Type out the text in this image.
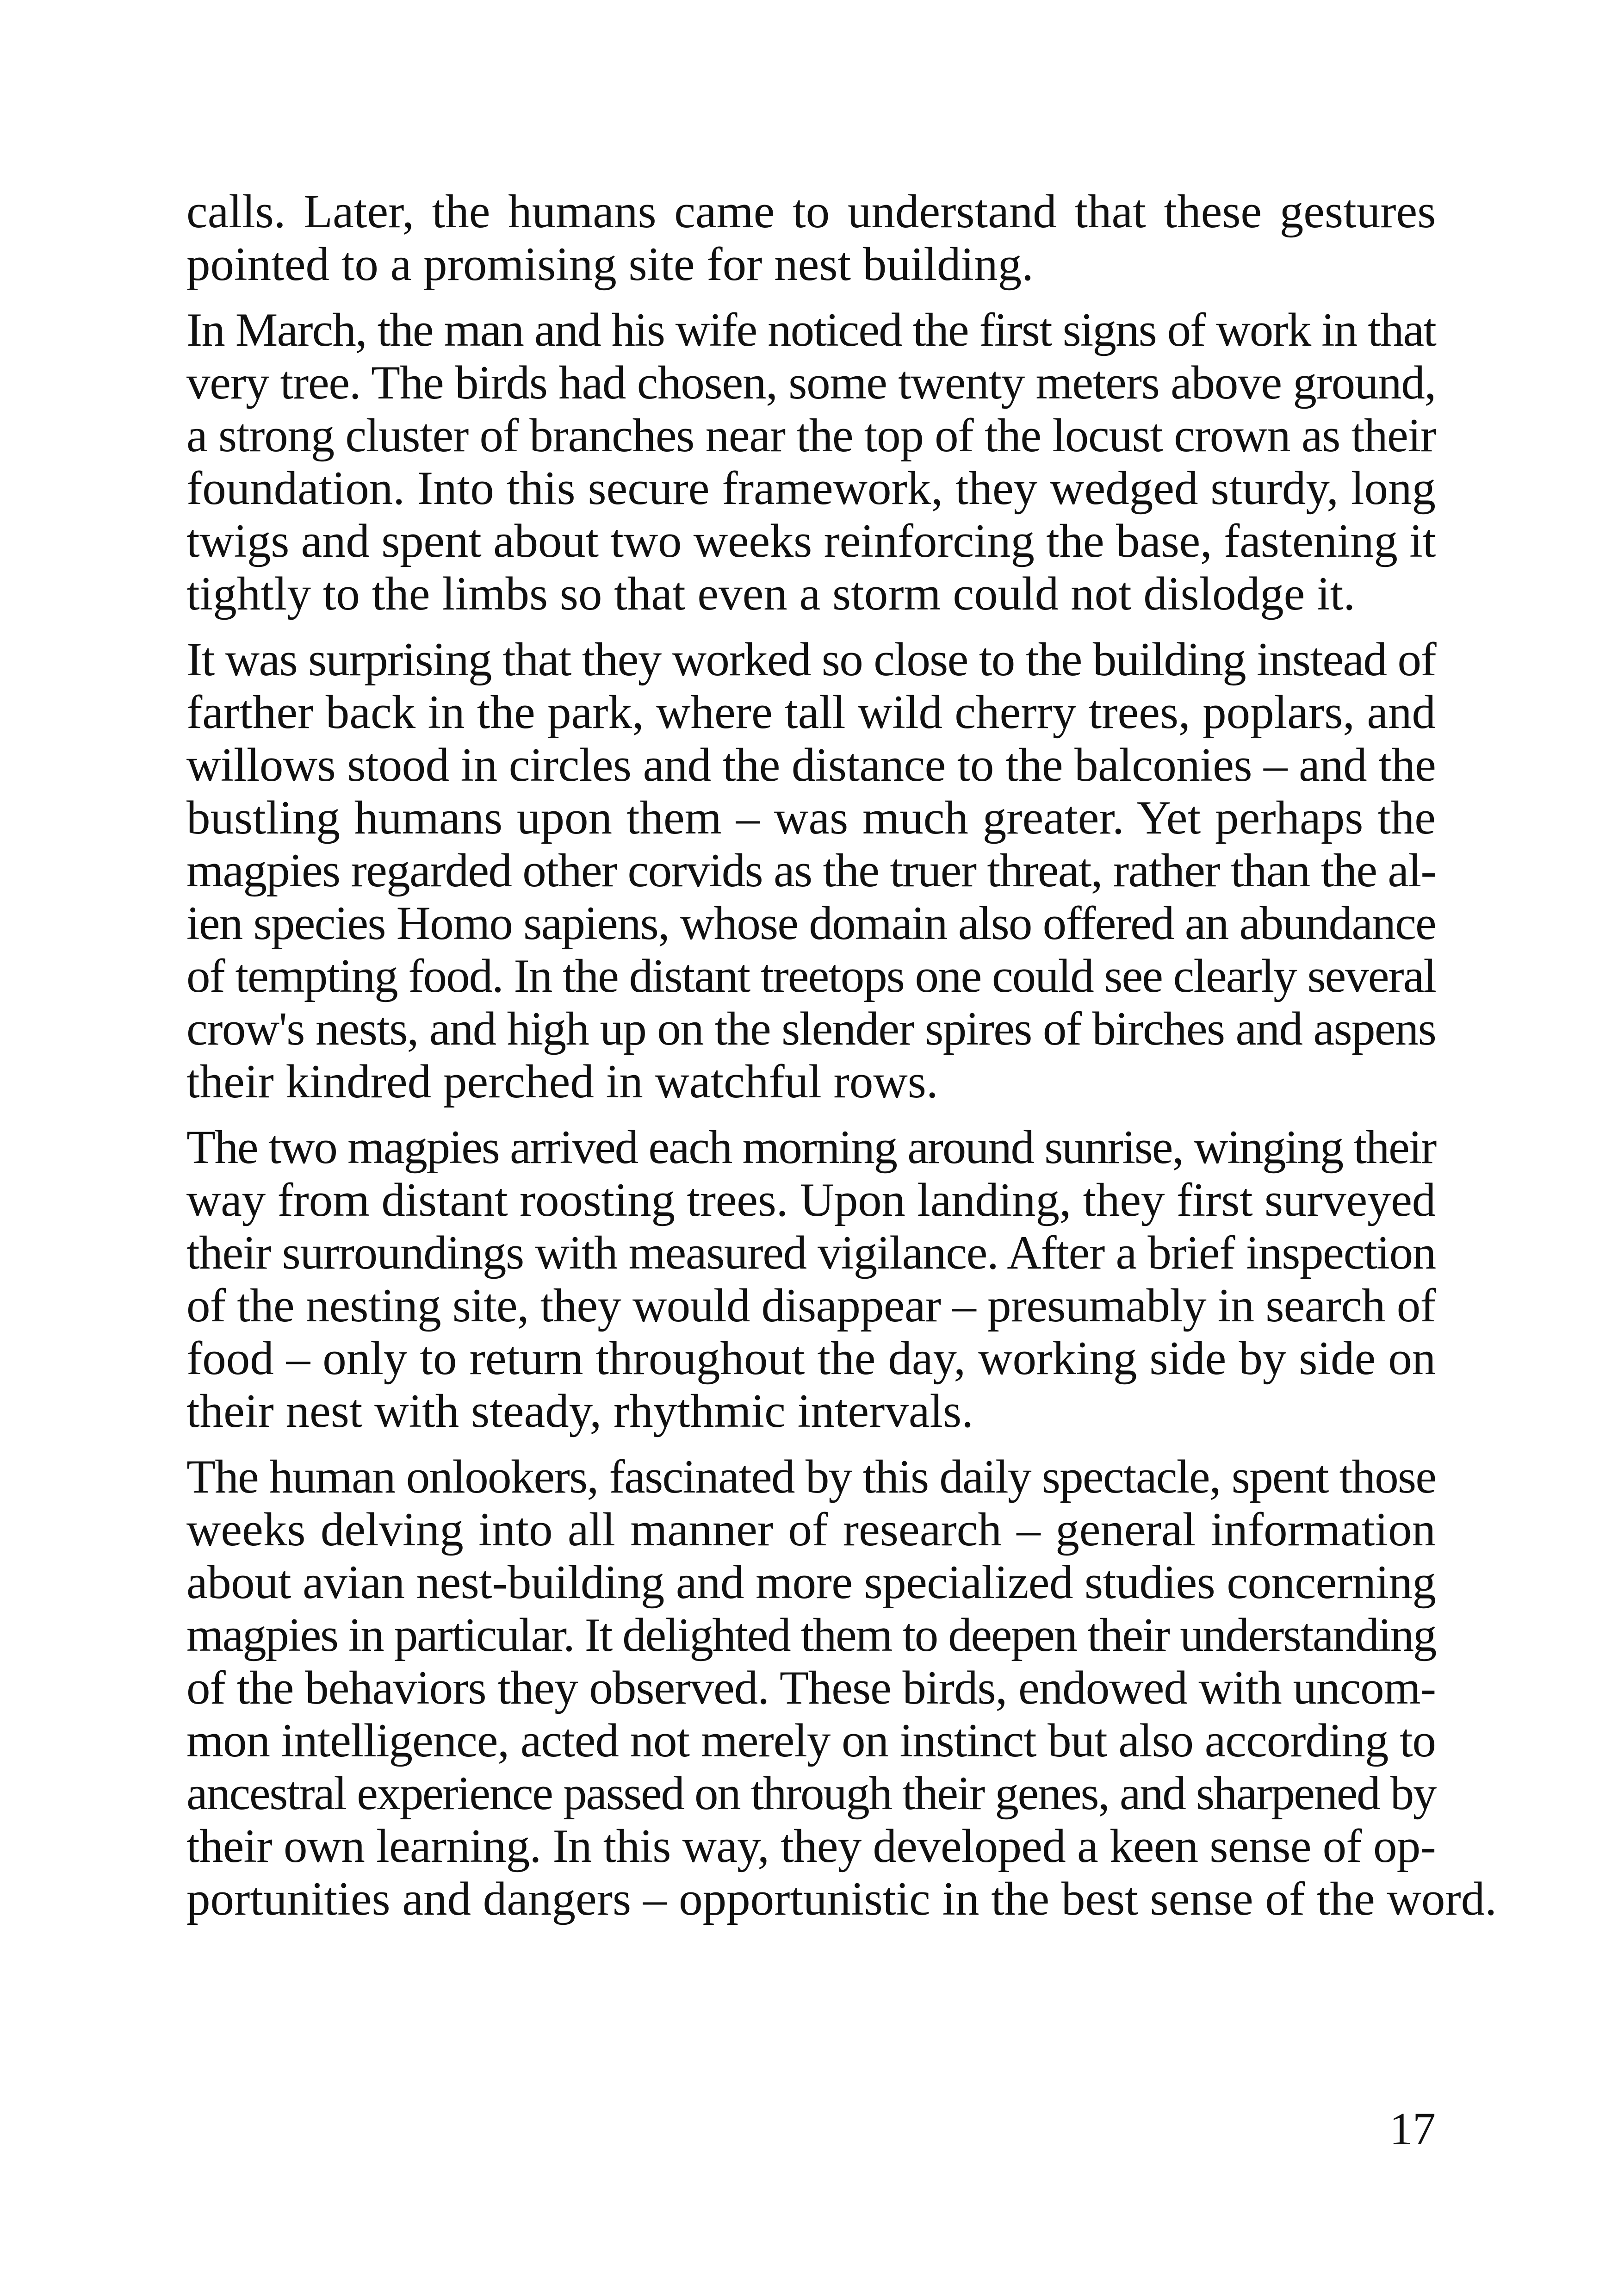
calls. Later, the humans came to understand that these gestures
pointed to a promising site for nest building.

In March, the man and his wife noticed the first signs of work in that
very tree. The birds had chosen, some twenty meters above ground,
a strong cluster of branches near the top of the locust crown as their
foundation. Into this secure framework, they wedged sturdy, long
twigs and spent about two weeks reinforcing the base, fastening it
tightly to the limbs so that even a storm could not dislodge it.

It was surprising that they worked so close to the building instead of
farther back in the park, where tall wild cherry trees, poplars, and
willows stood in circles and the distance to the balconies – and the
bustling humans upon them – was much greater. Yet perhaps the
magpies regarded other corvids as the truer threat, rather than the al-
ien species Homo sapiens, whose domain also offered an abundance
of tempting food. In the distant treetops one could see clearly several
crow's nests, and high up on the slender spires of birches and aspens
their kindred perched in watchful rows.

The two magpies arrived each morning around sunrise, winging their
way from distant roosting trees. Upon landing, they first surveyed
their surroundings with measured vigilance. After a brief inspection
of the nesting site, they would disappear – presumably in search of
food – only to return throughout the day, working side by side on
their nest with steady, rhythmic intervals.

The human onlookers, fascinated by this daily spectacle, spent those
weeks delving into all manner of research – general information
about avian nest-building and more specialized studies concerning
magpies in particular. It delighted them to deepen their understanding
of the behaviors they observed. These birds, endowed with uncom-
mon intelligence, acted not merely on instinct but also according to
ancestral experience passed on through their genes, and sharpened by
their own learning. In this way, they developed a keen sense of op-
portunities and dangers – opportunistic in the best sense of the word.

17
